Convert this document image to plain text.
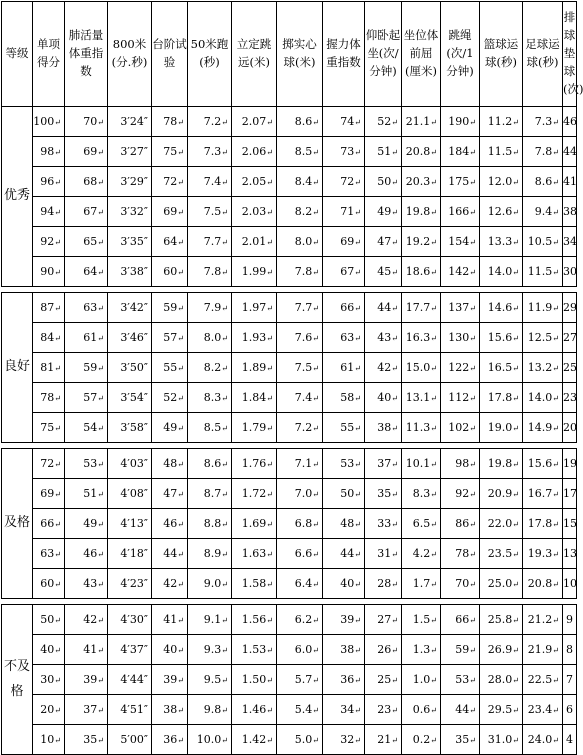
等级	单项得分	肺活量体重指数	800米(分.秒)	台阶试验	50米跑(秒)	立定跳远(米)	掷实心球(米)	握力体重指数	仰卧起坐(次/分钟)	坐位体前屈(厘米)	跳绳(次/1分钟)	篮球运球(秒)	足球运球(秒)	排球垫球(次)
优秀	100↵	70↵	3′24″	78↵	7.2↵	2.07↵	8.6↵	74↵	52↵	21.1↵	190↵	11.2↵	7.3↵	46
	98↵	69↵	3′27″	75↵	7.3↵	2.06↵	8.5↵	73↵	51↵	20.8↵	184↵	11.5↵	7.8↵	44
	96↵	68↵	3′29″	72↵	7.4↵	2.05↵	8.4↵	72↵	50↵	20.3↵	175↵	12.0↵	8.6↵	41
	94↵	67↵	3′32″	69↵	7.5↵	2.03↵	8.2↵	71↵	49↵	19.8↵	166↵	12.6↵	9.4↵	38
	92↵	65↵	3′35″	64↵	7.7↵	2.01↵	8.0↵	69↵	47↵	19.2↵	154↵	13.3↵	10.5↵	34
	90↵	64↵	3′38″	60↵	7.8↵	1.99↵	7.8↵	67↵	45↵	18.6↵	142↵	14.0↵	11.5↵	30

良好	87↵	63↵	3′42″	59↵	7.9↵	1.97↵	7.7↵	66↵	44↵	17.7↵	137↵	14.6↵	11.9↵	29
	84↵	61↵	3′46″	57↵	8.0↵	1.93↵	7.6↵	63↵	43↵	16.3↵	130↵	15.6↵	12.5↵	27
	81↵	59↵	3′50″	55↵	8.2↵	1.89↵	7.5↵	61↵	42↵	15.0↵	122↵	16.5↵	13.2↵	25
	78↵	57↵	3′54″	52↵	8.3↵	1.84↵	7.4↵	58↵	40↵	13.1↵	112↵	17.8↵	14.0↵	23
	75↵	54↵	3′58″	49↵	8.5↵	1.79↵	7.2↵	55↵	38↵	11.3↵	102↵	19.0↵	14.9↵	20

及格	72↵	53↵	4′03″	48↵	8.6↵	1.76↵	7.1↵	53↵	37↵	10.1↵	98↵	19.8↵	15.6↵	19
	69↵	51↵	4′08″	47↵	8.7↵	1.72↵	7.0↵	50↵	35↵	8.3↵	92↵	20.9↵	16.7↵	17
	66↵	49↵	4′13″	46↵	8.8↵	1.69↵	6.8↵	48↵	33↵	6.5↵	86↵	22.0↵	17.8↵	15
	63↵	46↵	4′18″	44↵	8.9↵	1.63↵	6.6↵	44↵	31↵	4.2↵	78↵	23.5↵	19.3↵	13
	60↵	43↵	4′23″	42↵	9.0↵	1.58↵	6.4↵	40↵	28↵	1.7↵	70↵	25.0↵	20.8↵	10

不及格	50↵	42↵	4′30″	41↵	9.1↵	1.56↵	6.2↵	39↵	27↵	1.5↵	66↵	25.8↵	21.2↵	9
	40↵	41↵	4′37″	40↵	9.3↵	1.53↵	6.0↵	38↵	26↵	1.3↵	59↵	26.9↵	21.9↵	8
	30↵	39↵	4′44″	39↵	9.5↵	1.50↵	5.7↵	36↵	25↵	1.0↵	53↵	28.0↵	22.5↵	7
	20↵	37↵	4′51″	38↵	9.8↵	1.46↵	5.4↵	34↵	23↵	0.6↵	44↵	29.5↵	23.4↵	6
	10↵	35↵	5′00″	36↵	10.0↵	1.42↵	5.0↵	32↵	21↵	0.2↵	35↵	31.0↵	24.0↵	4
